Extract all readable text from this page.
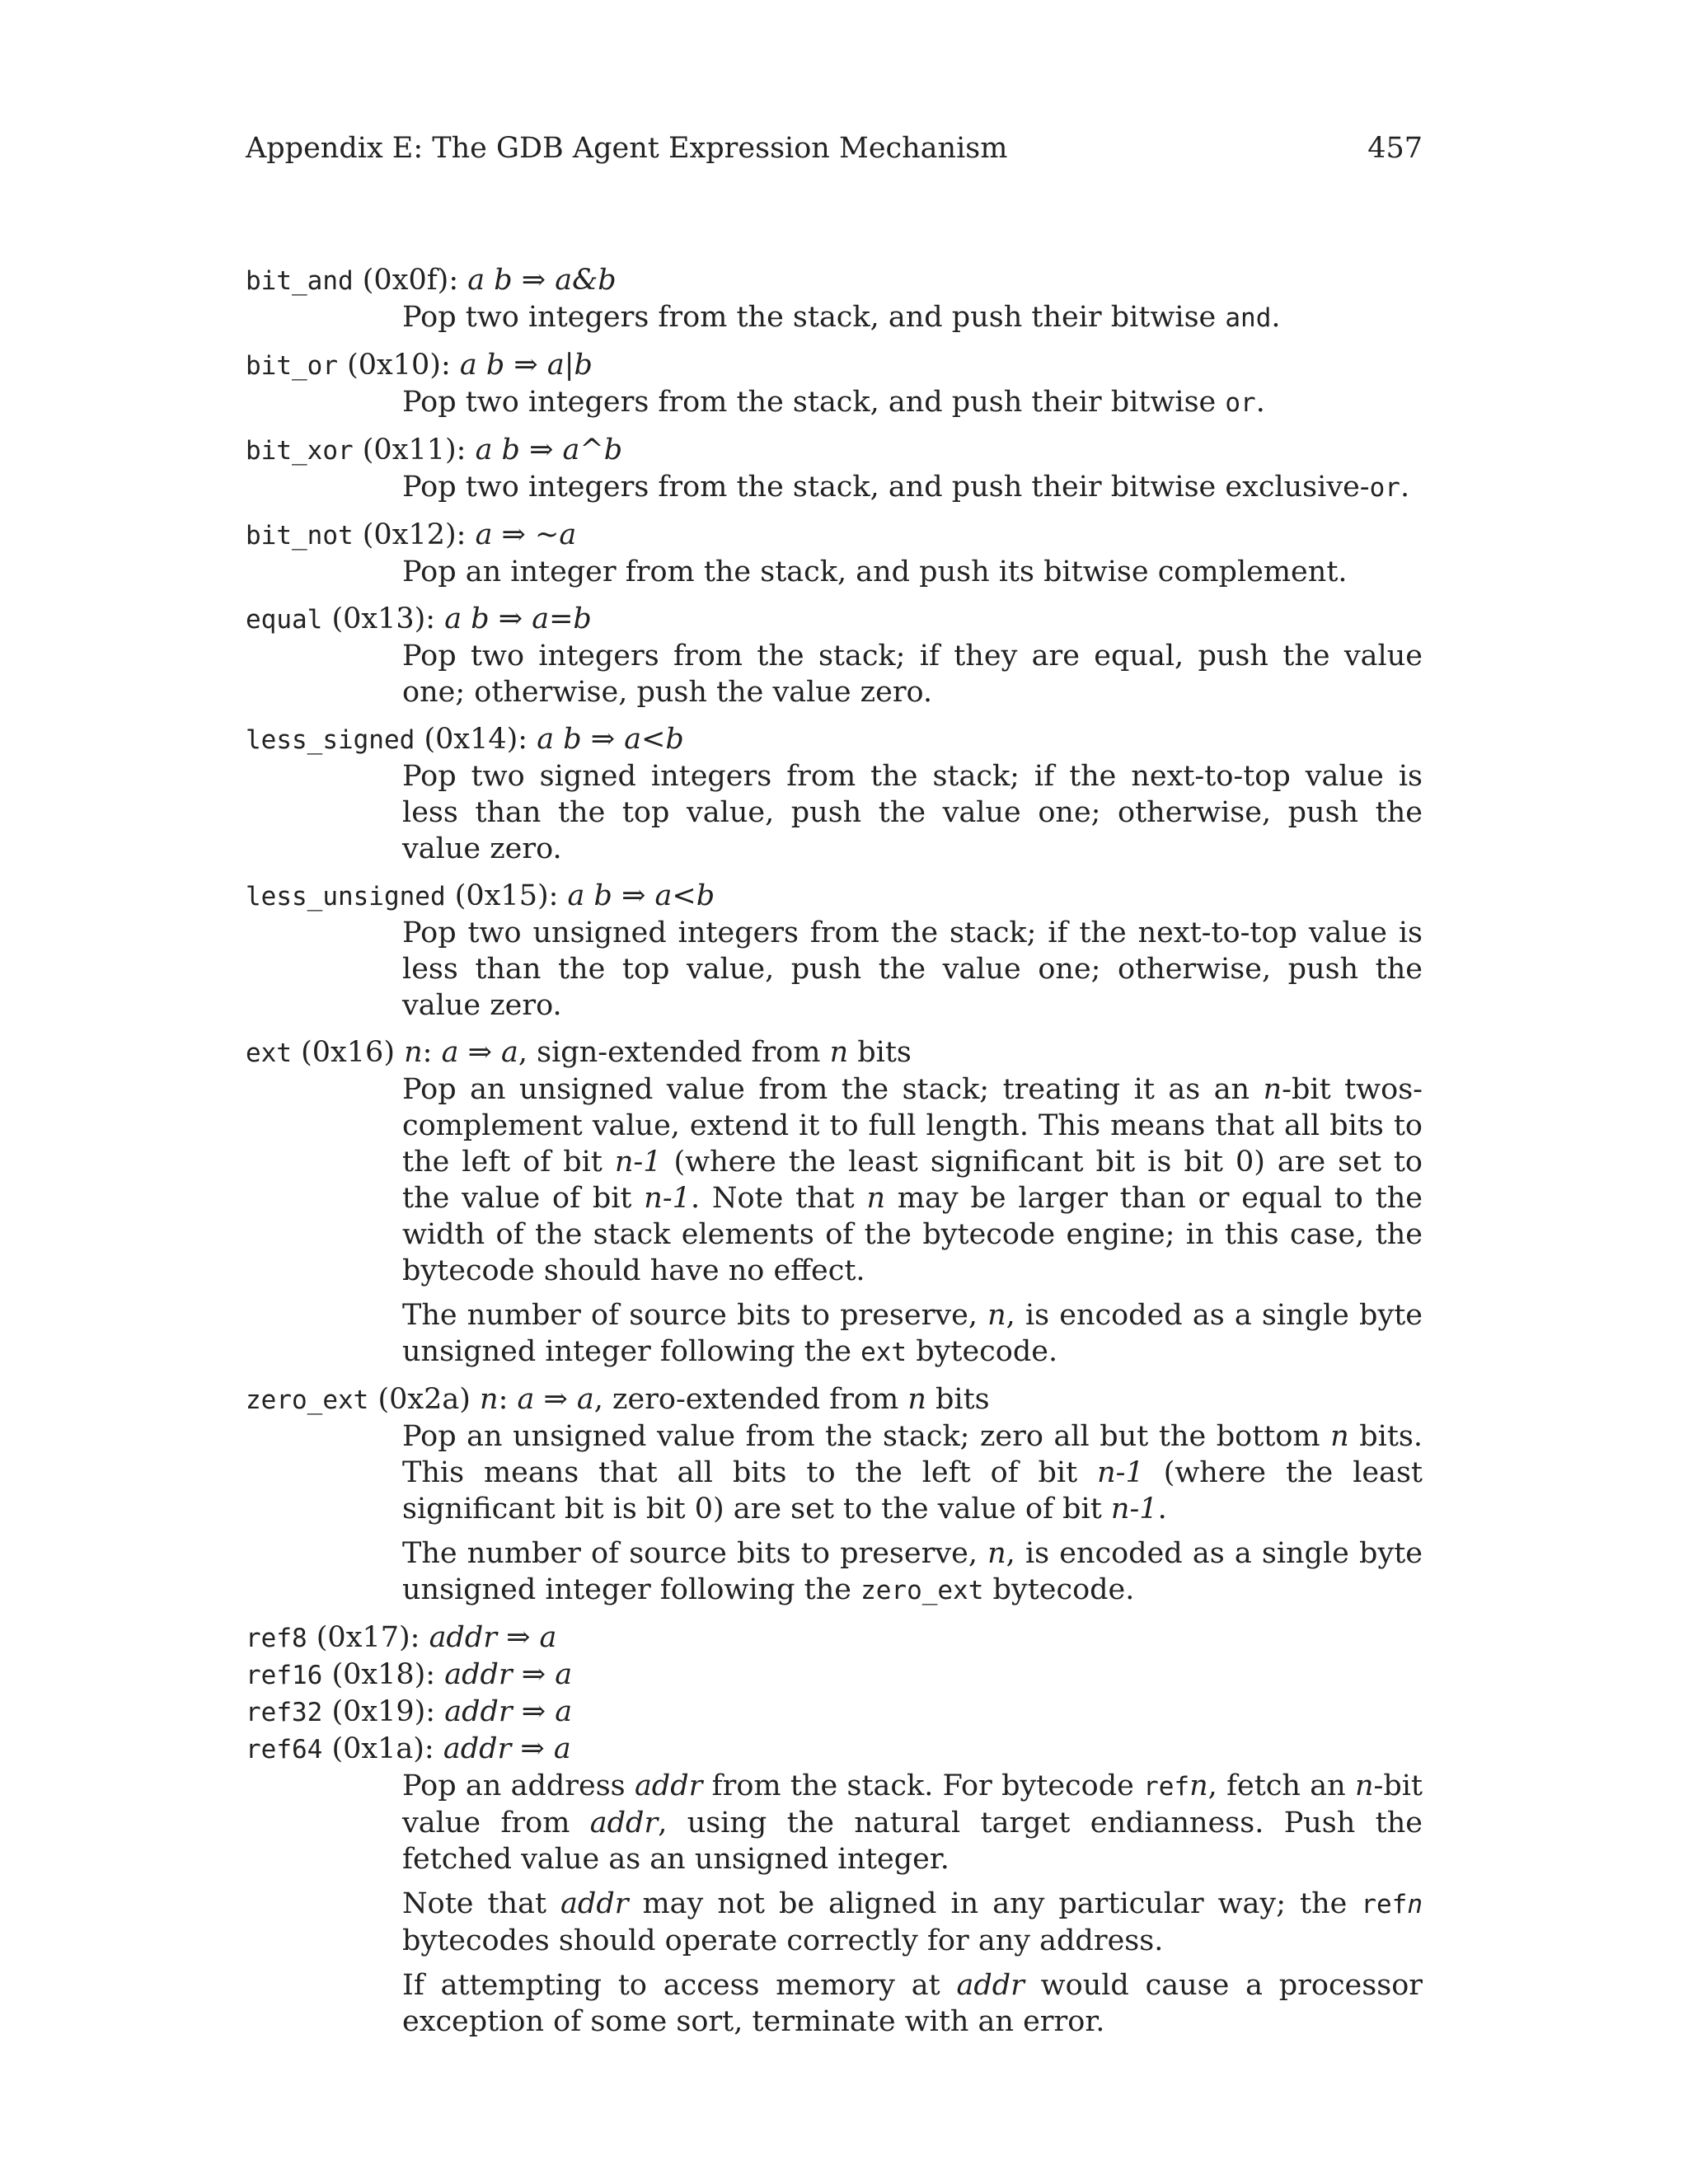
Appendix E: The GDB Agent Expression Mechanism	457
bit_and (0x0f): a b ⇒ a&b
Pop two integers from the stack, and push their bitwise and.
bit_or (0x10): a b ⇒ a|b
Pop two integers from the stack, and push their bitwise or.
bit_xor (0x11): a b ⇒ a^b
Pop two integers from the stack, and push their bitwise exclusive-or.
bit_not (0x12): a ⇒ ~a
Pop an integer from the stack, and push its bitwise complement.
equal (0x13): a b ⇒ a=b
Pop two integers from the stack; if they are equal, push the value one; otherwise, push the value zero.
less_signed (0x14): a b ⇒ a<b
Pop two signed integers from the stack; if the next-to-top value is less than the top value, push the value one; otherwise, push the value zero.
less_unsigned (0x15): a b ⇒ a<b
Pop two unsigned integers from the stack; if the next-to-top value is less than the top value, push the value one; otherwise, push the value zero.
ext (0x16) n: a ⇒ a, sign-extended from n bits
Pop an unsigned value from the stack; treating it as an n-bit twos-complement value, extend it to full length. This means that all bits to the left of bit n-1 (where the least significant bit is bit 0) are set to the value of bit n-1. Note that n may be larger than or equal to the width of the stack elements of the bytecode engine; in this case, the bytecode should have no effect.
The number of source bits to preserve, n, is encoded as a single byte unsigned integer following the ext bytecode.
zero_ext (0x2a) n: a ⇒ a, zero-extended from n bits
Pop an unsigned value from the stack; zero all but the bottom n bits. This means that all bits to the left of bit n-1 (where the least significant bit is bit 0) are set to the value of bit n-1.
The number of source bits to preserve, n, is encoded as a single byte unsigned integer following the zero_ext bytecode.
ref8 (0x17): addr ⇒ a
ref16 (0x18): addr ⇒ a
ref32 (0x19): addr ⇒ a
ref64 (0x1a): addr ⇒ a
Pop an address addr from the stack. For bytecode refn, fetch an n-bit value from addr, using the natural target endianness. Push the fetched value as an unsigned integer.
Note that addr may not be aligned in any particular way; the refn bytecodes should operate correctly for any address.
If attempting to access memory at addr would cause a processor exception of some sort, terminate with an error.
